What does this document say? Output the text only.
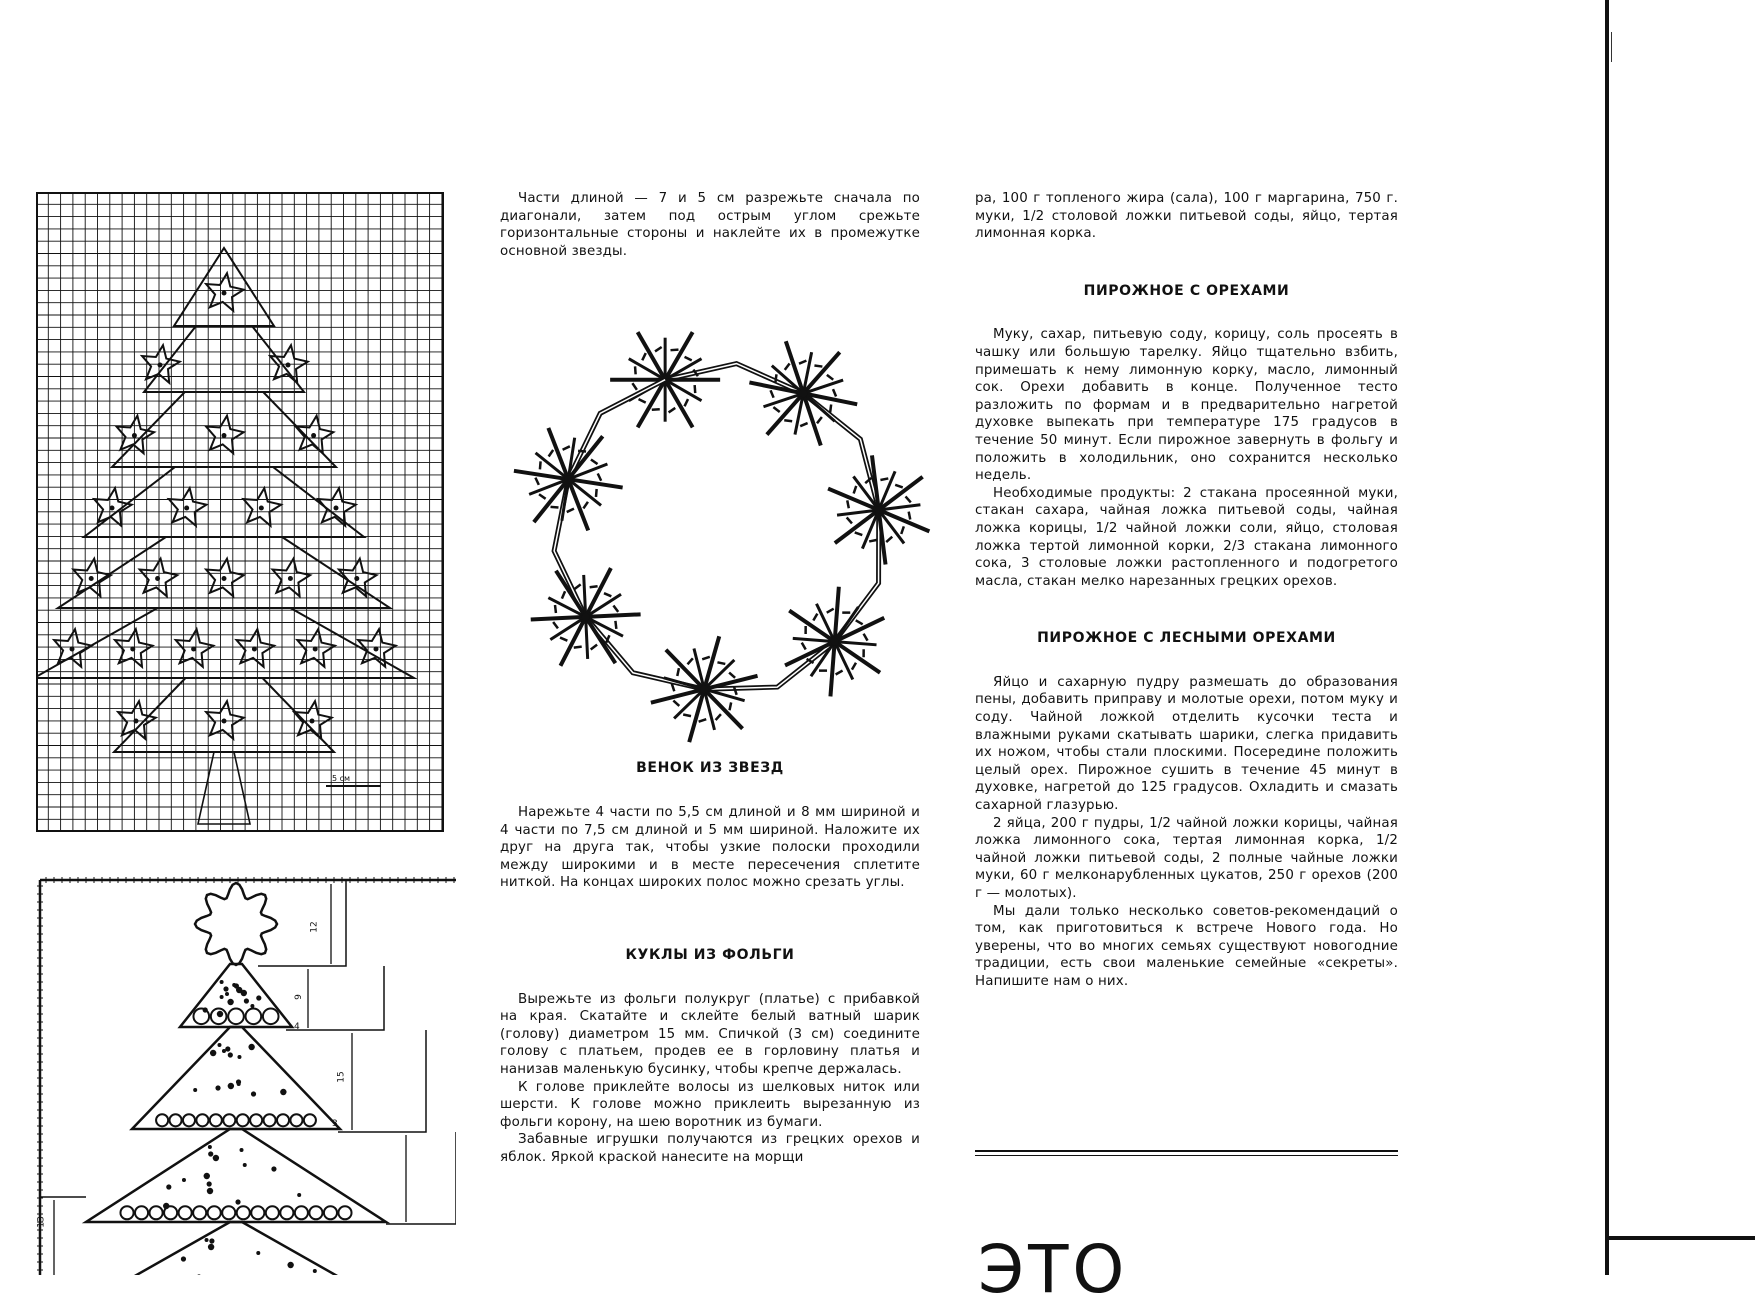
5 см
12
9
4
15
3
13

Части длиной — 7 и 5 см разрежьте сначала по диагонали, затем под острым углом срежьте горизонтальные стороны и наклейте их в промежутке основной звезды.

ВЕНОК ИЗ ЗВЕЗД

Нарежьте 4 части по 5,5 см длиной и 8 мм шириной и 4 части по 7,5 см длиной и 5 мм шириной. Наложите их друг на друга так, чтобы узкие полоски проходили между широкими и в месте пересечения сплетите ниткой. На концах широких полос можно срезать углы.

КУКЛЫ ИЗ ФОЛЬГИ

Вырежьте из фольги полукруг (платье) с прибавкой на края. Скатайте и склейте белый ватный шарик (голову) диаметром 15 мм. Спичкой (3 см) соедините голову с платьем, продев ее в горловину платья и нанизав маленькую бусинку, чтобы крепче держалась.

К голове приклейте волосы из шелковых ниток или шерсти. К голове можно приклеить вырезанную из фольги корону, на шею воротник из бумаги.

Забавные игрушки получаются из грецких орехов и яблок. Яркой краской нанесите на морщи

ра, 100 г топленого жира (сала), 100 г маргарина, 750 г. муки, 1/2 столовой ложки питьевой соды, яйцо, тертая лимонная корка.

ПИРОЖНОЕ С ОРЕХАМИ

Муку, сахар, питьевую соду, корицу, соль просеять в чашку или большую тарелку. Яйцо тщательно взбить, примешать к нему лимонную корку, масло, лимонный сок. Орехи добавить в конце. Полученное тесто разложить по формам и в предварительно нагретой духовке выпекать при температуре 175 градусов в течение 50 минут. Если пирожное завернуть в фольгу и положить в холодильник, оно сохранится несколько недель.

Необходимые продукты: 2 стакана просеянной муки, стакан сахара, чайная ложка питьевой соды, чайная ложка корицы, 1/2 чайной ложки соли, яйцо, столовая ложка тертой лимонной корки, 2/3 стакана лимонного сока, 3 столовые ложки растопленного и подогретого масла, стакан мелко нарезанных грецких орехов.

ПИРОЖНОЕ С ЛЕСНЫМИ ОРЕХАМИ

Яйцо и сахарную пудру размешать до образования пены, добавить приправу и молотые орехи, потом муку и соду. Чайной ложкой отделить кусочки теста и влажными руками скатывать шарики, слегка придавить их ножом, чтобы стали плоскими. Посередине положить целый орех. Пирожное сушить в течение 45 минут в духовке, нагретой до 125 градусов. Охладить и смазать сахарной глазурью.

2 яйца, 200 г пудры, 1/2 чайной ложки корицы, чайная ложка лимонного сока, тертая лимонная корка, 1/2 чайной ложки питьевой соды, 2 полные чайные ложки муки, 60 г мелконарубленных цукатов, 250 г орехов (200 г — молотых).

Мы дали только несколько советов-рекомендаций о том, как приготовиться к встрече Нового года. Но уверены, что во многих семьях существуют новогодние традиции, есть свои маленькие семейные «секреты». Напишите нам о них.

ЭТО
